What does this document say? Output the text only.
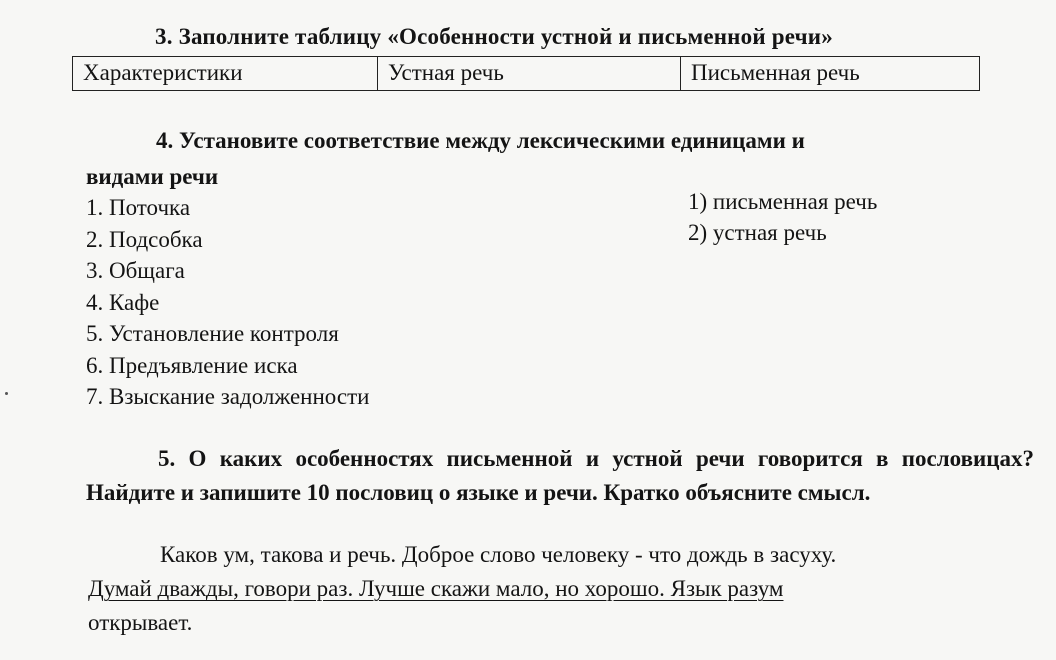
3. Заполните таблицу «Особенности устной и письменной речи»
Характеристики	Устная речь	Письменная речь
4. Установите соответствие между лексическими единицами и
видами речи
1. Поточка
2. Подсобка
3. Общага
4. Кафе
5. Установление контроля
6. Предъявление иска
7. Взыскание задолженности
1) письменная речь
2) устная речь
5. О каких особенностях письменной и устной речи говорится в пословицах? Найдите и запишите 10 пословиц о языке и речи. Кратко объясните смысл.
Каков ум, такова и речь. Доброе слово человеку - что дождь в засуху.
Думай дважды, говори раз. Лучше скажи мало, но хорошо. Язык разум
открывает.
